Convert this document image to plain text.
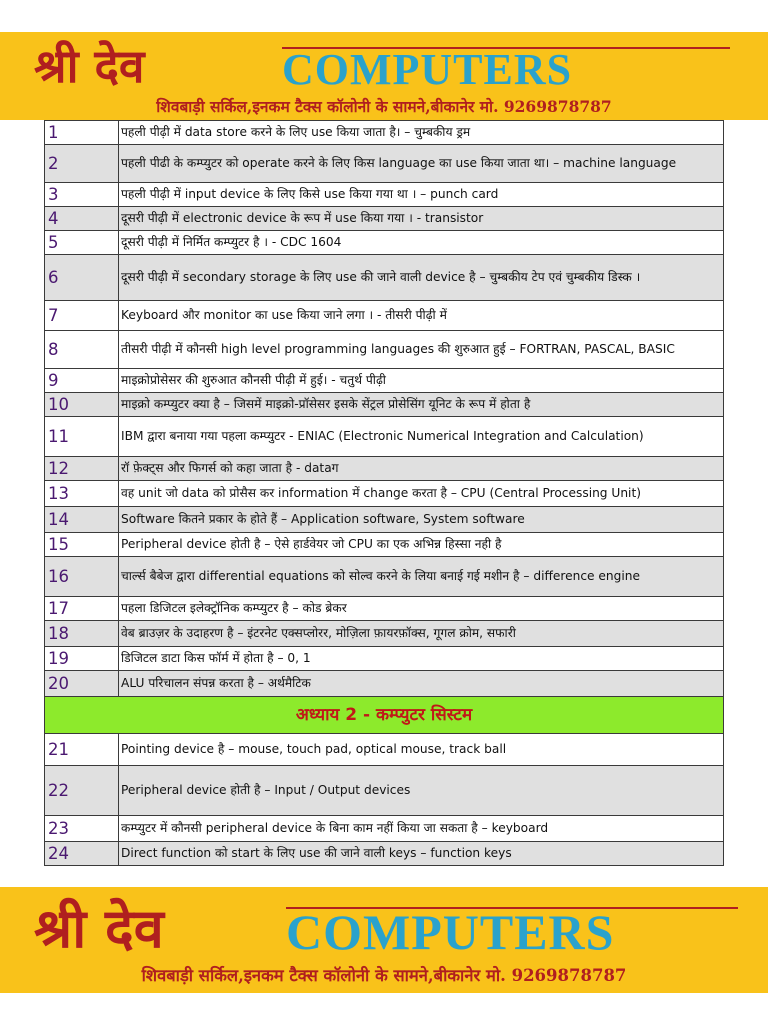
श्री देव	COMPUTERS
शिवबाड़ी सर्किल,इनकम टैक्स कॉलोनी के सामने,बीकानेर मो. 9269878787
1	पहली पीढ़ी में data store करने के लिए use किया जाता है। – चुम्बकीय ड्रम
2	पहली पीढी के कम्प्युटर को operate करने के लिए किस language का use किया जाता था। – machine language
3	पहली पीढ़ी में input device के लिए किसे use किया गया था । – punch card
4	दूसरी पीढ़ी में electronic device के रूप में use किया गया । - transistor
5	दूसरी पीढ़ी में निर्मित कम्प्युटर है । - CDC 1604
6	दूसरी पीढ़ी में secondary storage के लिए use की जाने वाली device है – चुम्बकीय टेप एवं चुम्बकीय डिस्क ।
7	Keyboard और monitor का use किया जाने लगा । - तीसरी पीढ़ी में
8	तीसरी पीढ़ी में कौनसी high level programming languages की शुरुआत हुई – FORTRAN, PASCAL, BASIC
9	माइक्रोप्रोसेसर की शुरुआत कौनसी पीढ़ी में हुई। - चतुर्थ पीढ़ी
10	माइक्रो कम्प्युटर क्या है – जिसमें माइक्रो-प्रॉसेसर इसके सेंट्रल प्रोसेसिंग यूनिट के रूप में होता है
11	IBM द्वारा बनाया गया पहला कम्प्युटर - ENIAC (Electronic Numerical Integration and Calculation)
12	रॉ फ़ेक्ट्स और फिगर्स को कहा जाता है - dataग
13	वह unit जो data को प्रोसैस कर information में change करता है – CPU (Central Processing Unit)
14	Software कितने प्रकार के होते हैं – Application software, System software
15	Peripheral device होती है – ऐसे हार्डवेयर जो CPU का एक अभिन्न हिस्सा नही है
16	चार्ल्स बैबेज द्वारा differential equations को सोल्व करने के लिया बनाई गई मशीन है – difference engine
17	पहला डिजिटल इलेक्ट्रॉनिक कम्प्युटर है – कोड ब्रेकर
18	वेब ब्राउज़र के उदाहरण है – इंटरनेट एक्सप्लोरर, मोज़िला फ़ायरफ़ॉक्स, गूगल क्रोम, सफारी
19	डिजिटल डाटा किस फॉर्म में होता है – 0, 1
20	ALU परिचालन संपन्न करता है – अर्थमैटिक
अध्याय 2 - कम्प्युटर सिस्टम	
21	Pointing device है – mouse, touch pad, optical mouse, track ball
22	Peripheral device होती है – Input / Output devices
23	कम्प्युटर में कौनसी peripheral device के बिना काम नहीं किया जा सकता है – keyboard
24	Direct function को start के लिए use की जाने वाली keys – function keys
श्री देव COMPUTERS
शिवबाड़ी सर्किल,इनकम टैक्स कॉलोनी के सामने,बीकानेर मो. 9269878787
